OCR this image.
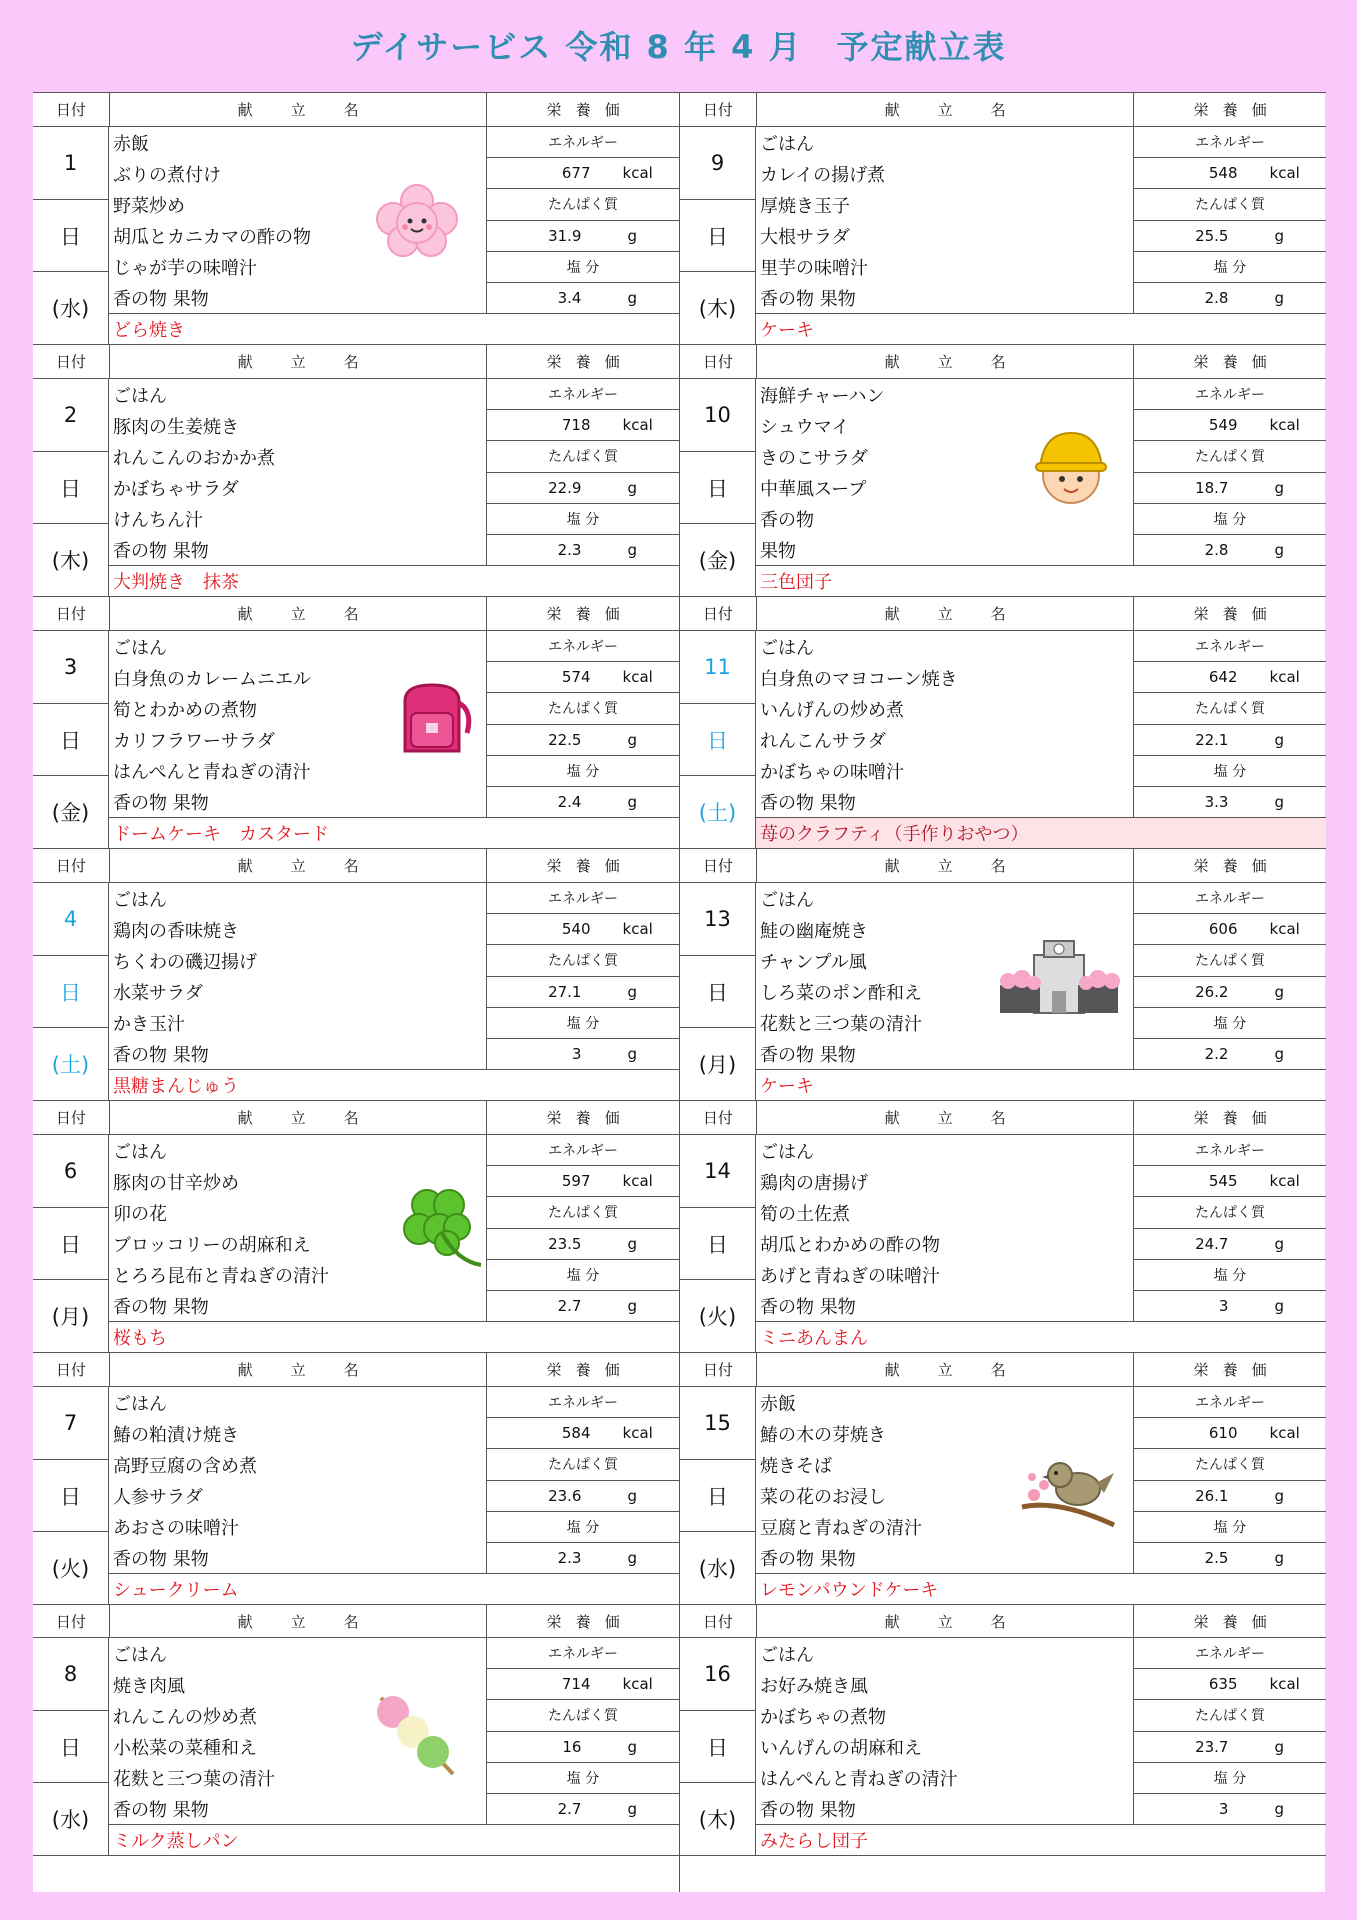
デイサービス 令和 8 年 4 月　予定献立表
日付	献立名	栄養価
1
日
(水)
赤飯
ぶりの煮付け
野菜炒め
胡瓜とカニカマの酢の物
じゃが芋の味噌汁
香の物 果物
エネルギー
677	kcal
たんぱく質
31.9	g
塩 分
3.4	g
どら焼き
日付	献立名	栄養価
2
日
(木)
ごはん
豚肉の生姜焼き
れんこんのおかか煮
かぼちゃサラダ
けんちん汁
香の物 果物
エネルギー
718	kcal
たんぱく質
22.9	g
塩 分
2.3	g
大判焼き　抹茶
日付	献立名	栄養価
3
日
(金)
ごはん
白身魚のカレームニエル
筍とわかめの煮物
カリフラワーサラダ
はんぺんと青ねぎの清汁
香の物 果物
エネルギー
574	kcal
たんぱく質
22.5	g
塩 分
2.4	g
ドームケーキ　カスタード
日付	献立名	栄養価
4
日
(土)
ごはん
鶏肉の香味焼き
ちくわの磯辺揚げ
水菜サラダ
かき玉汁
香の物 果物
エネルギー
540	kcal
たんぱく質
27.1	g
塩 分
3	g
黒糖まんじゅう
日付	献立名	栄養価
6
日
(月)
ごはん
豚肉の甘辛炒め
卯の花
ブロッコリーの胡麻和え
とろろ昆布と青ねぎの清汁
香の物 果物
エネルギー
597	kcal
たんぱく質
23.5	g
塩 分
2.7	g
桜もち
日付	献立名	栄養価
7
日
(火)
ごはん
鰆の粕漬け焼き
高野豆腐の含め煮
人参サラダ
あおさの味噌汁
香の物 果物
エネルギー
584	kcal
たんぱく質
23.6	g
塩 分
2.3	g
シュークリーム
日付	献立名	栄養価
8
日
(水)
ごはん
焼き肉風
れんこんの炒め煮
小松菜の菜種和え
花麩と三つ葉の清汁
香の物 果物
エネルギー
714	kcal
たんぱく質
16	g
塩 分
2.7	g
ミルク蒸しパン
日付	献立名	栄養価
9
日
(木)
ごはん
カレイの揚げ煮
厚焼き玉子
大根サラダ
里芋の味噌汁
香の物 果物
エネルギー
548	kcal
たんぱく質
25.5	g
塩 分
2.8	g
ケーキ
日付	献立名	栄養価
10
日
(金)
海鮮チャーハン
シュウマイ
きのこサラダ
中華風スープ
香の物
果物
エネルギー
549	kcal
たんぱく質
18.7	g
塩 分
2.8	g
三色団子
日付	献立名	栄養価
11
日
(土)
ごはん
白身魚のマヨコーン焼き
いんげんの炒め煮
れんこんサラダ
かぼちゃの味噌汁
香の物 果物
エネルギー
642	kcal
たんぱく質
22.1	g
塩 分
3.3	g
苺のクラフティ（手作りおやつ）
日付	献立名	栄養価
13
日
(月)
ごはん
鮭の幽庵焼き
チャンプル風
しろ菜のポン酢和え
花麩と三つ葉の清汁
香の物 果物
エネルギー
606	kcal
たんぱく質
26.2	g
塩 分
2.2	g
ケーキ
日付	献立名	栄養価
14
日
(火)
ごはん
鶏肉の唐揚げ
筍の土佐煮
胡瓜とわかめの酢の物
あげと青ねぎの味噌汁
香の物 果物
エネルギー
545	kcal
たんぱく質
24.7	g
塩 分
3	g
ミニあんまん
日付	献立名	栄養価
15
日
(水)
赤飯
鰆の木の芽焼き
焼きそば
菜の花のお浸し
豆腐と青ねぎの清汁
香の物 果物
エネルギー
610	kcal
たんぱく質
26.1	g
塩 分
2.5	g
レモンパウンドケーキ
日付	献立名	栄養価
16
日
(木)
ごはん
お好み焼き風
かぼちゃの煮物
いんげんの胡麻和え
はんぺんと青ねぎの清汁
香の物 果物
エネルギー
635	kcal
たんぱく質
23.7	g
塩 分
3	g
みたらし団子
